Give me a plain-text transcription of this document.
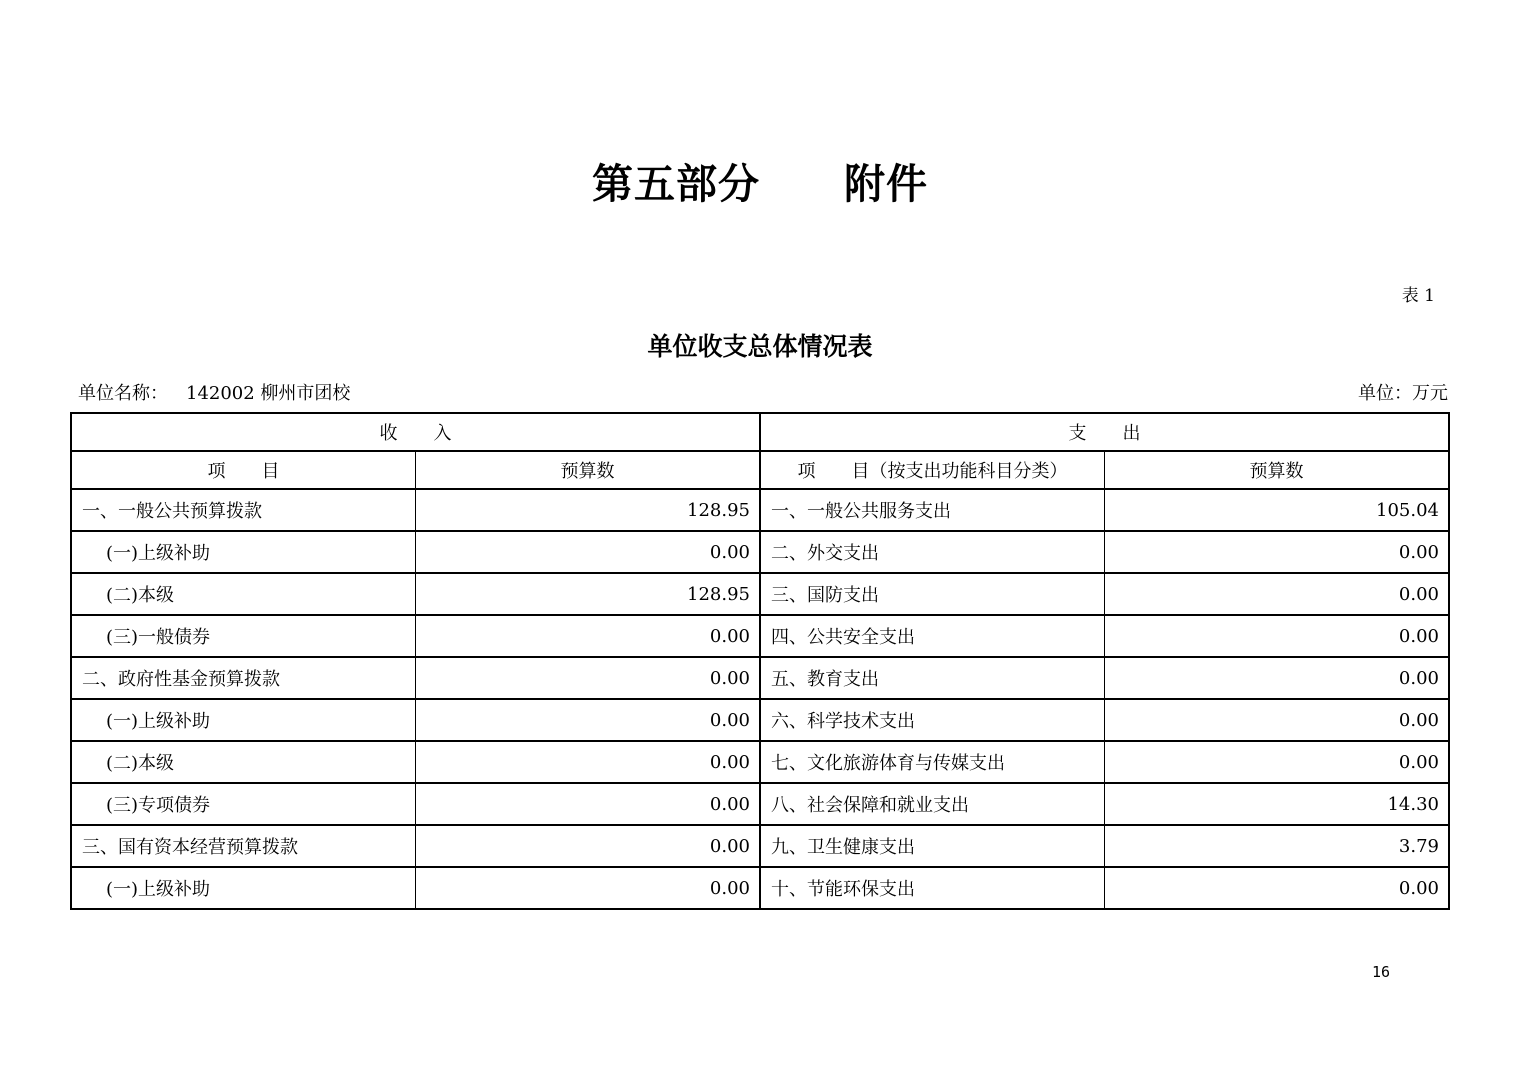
第五部分　　附件
表 1
单位收支总体情况表
单位名称： 142002 柳州市团校	单位：万元
收　　入		支　　出	
项　　目	预算数	项　　目（按支出功能科目分类）	预算数
一、一般公共预算拨款	128.95	一、一般公共服务支出	105.04
(一)上级补助	0.00	二、外交支出	0.00
(二)本级	128.95	三、国防支出	0.00
(三)一般债券	0.00	四、公共安全支出	0.00
二、政府性基金预算拨款	0.00	五、教育支出	0.00
(一)上级补助	0.00	六、科学技术支出	0.00
(二)本级	0.00	七、文化旅游体育与传媒支出	0.00
(三)专项债券	0.00	八、社会保障和就业支出	14.30
三、国有资本经营预算拨款	0.00	九、卫生健康支出	3.79
(一)上级补助	0.00	十、节能环保支出	0.00
16
